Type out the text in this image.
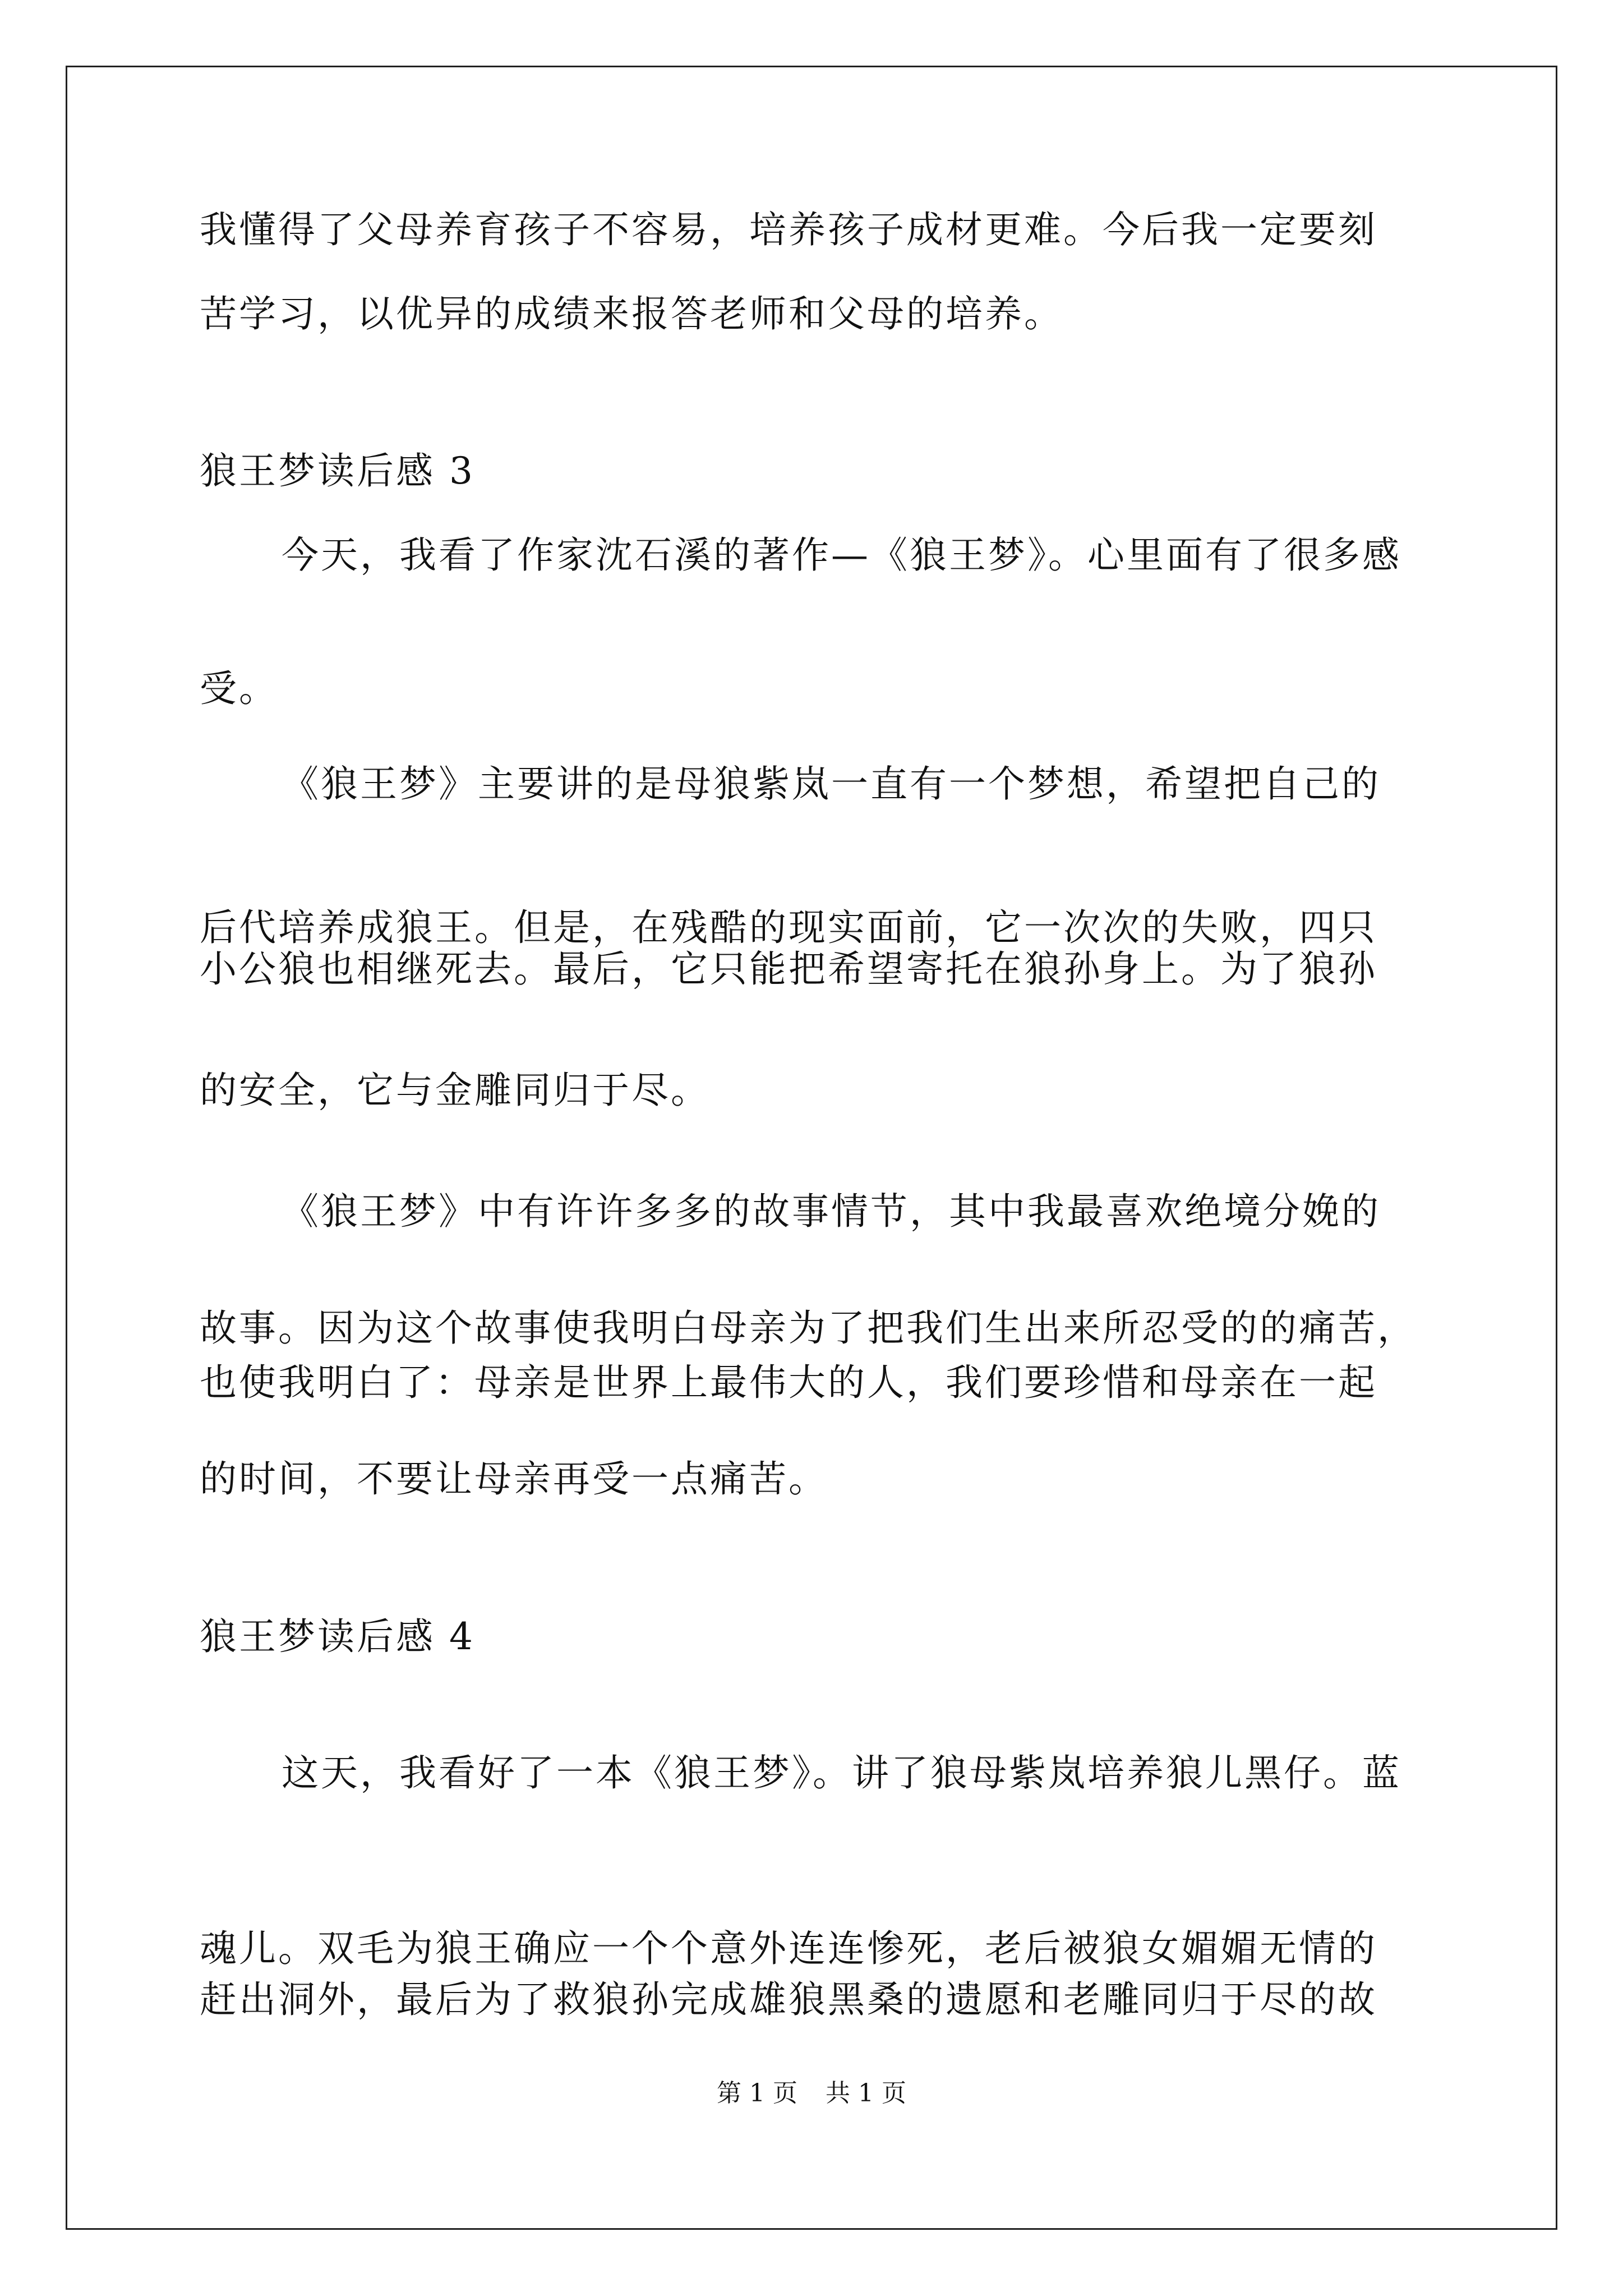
我懂得了父母养育孩子不容易，培养孩子成材更难。今后我一定要刻
苦学习，以优异的成绩来报答老师和父母的培养。
狼王梦读后感 3
今天，我看了作家沈石溪的著作—《狼王梦》。心里面有了很多感
受。
《狼王梦》主要讲的是母狼紫岚一直有一个梦想，希望把自己的
后代培养成狼王。但是，在残酷的现实面前，它一次次的失败，四只
小公狼也相继死去。最后，它只能把希望寄托在狼孙身上。为了狼孙
的安全，它与金雕同归于尽。
《狼王梦》中有许许多多的故事情节，其中我最喜欢绝境分娩的
故事。因为这个故事使我明白母亲为了把我们生出来所忍受的的痛苦，
也使我明白了：母亲是世界上最伟大的人，我们要珍惜和母亲在一起
的时间，不要让母亲再受一点痛苦。
狼王梦读后感 4
这天，我看好了一本《狼王梦》。讲了狼母紫岚培养狼儿黑仔。蓝
魂儿。双毛为狼王确应一个个意外连连惨死，老后被狼女媚媚无情的
赶出洞外，最后为了救狼孙完成雄狼黑桑的遗愿和老雕同归于尽的故
第 1 页 共 1 页
